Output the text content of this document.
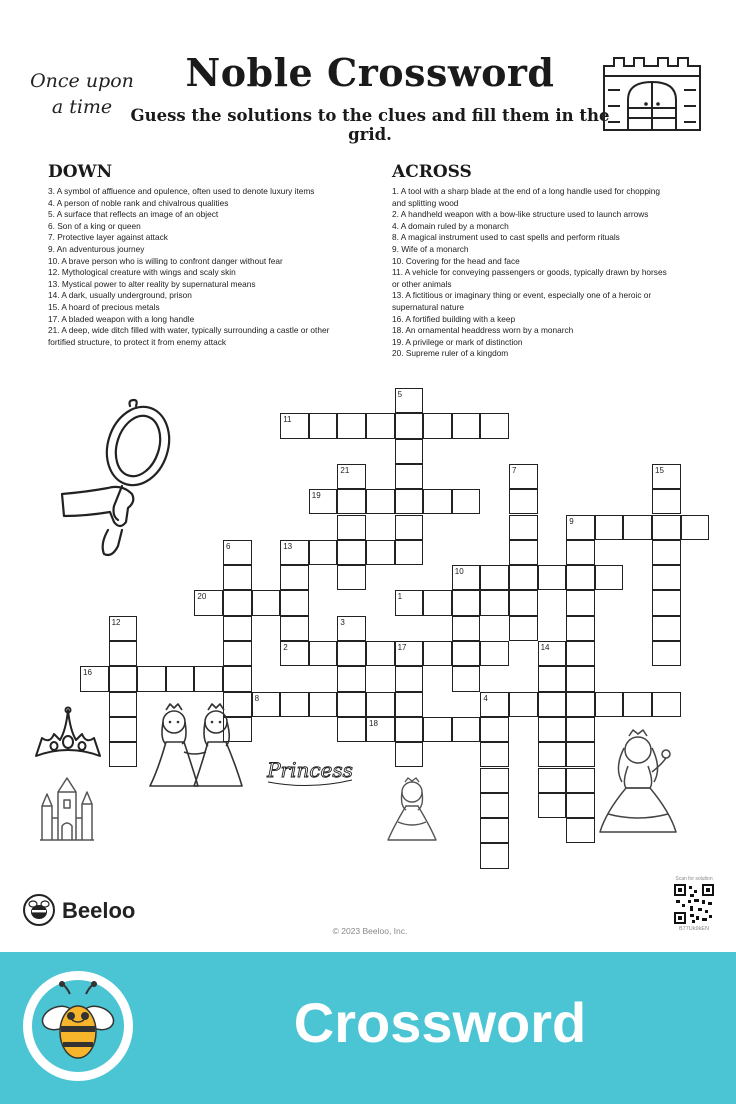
Once upon a time
Noble Crossword
Guess the solutions to the clues and fill them in the grid.
DOWN	ACROSS
3. A symbol of affluence and opulence, often used to denote luxury items
4. A person of noble rank and chivalrous qualities
5. A surface that reflects an image of an object
6. Son of a king or queen
7. Protective layer against attack
9. An adventurous journey
10. A brave person who is willing to confront danger without fear
12. Mythological creature with wings and scaly skin
13. Mystical power to alter reality by supernatural means
14. A dark, usually underground, prison
15. A hoard of precious metals
17. A bladed weapon with a long handle
21. A deep, wide ditch filled with water, typically surrounding a castle or other fortified structure, to protect it from enemy attack
1. A tool with a sharp blade at the end of a long handle used for chopping and splitting wood
2. A handheld weapon with a bow-like structure used to launch arrows
4. A domain ruled by a monarch
8. A magical instrument used to cast spells and perform rituals
9. Wife of a monarch
10. Covering for the head and face
11. A vehicle for conveying passengers or goods, typically drawn by horses or other animals
13. A fictitious or imaginary thing or event, especially one of a heroic or supernatural nature
16. A fortified building with a keep
18. An ornamental headdress worn by a monarch
19. A privilege or mark of distinction
20. Supreme ruler of a kingdom
11
5
19
21	7	15
9
6	13
10
20	1
12	3
2	17	14
16
8	4
18
Princess
Beeloo
© 2023 Beeloo, Inc.
Scan for solution
B77Uk9kEN
Crossword
